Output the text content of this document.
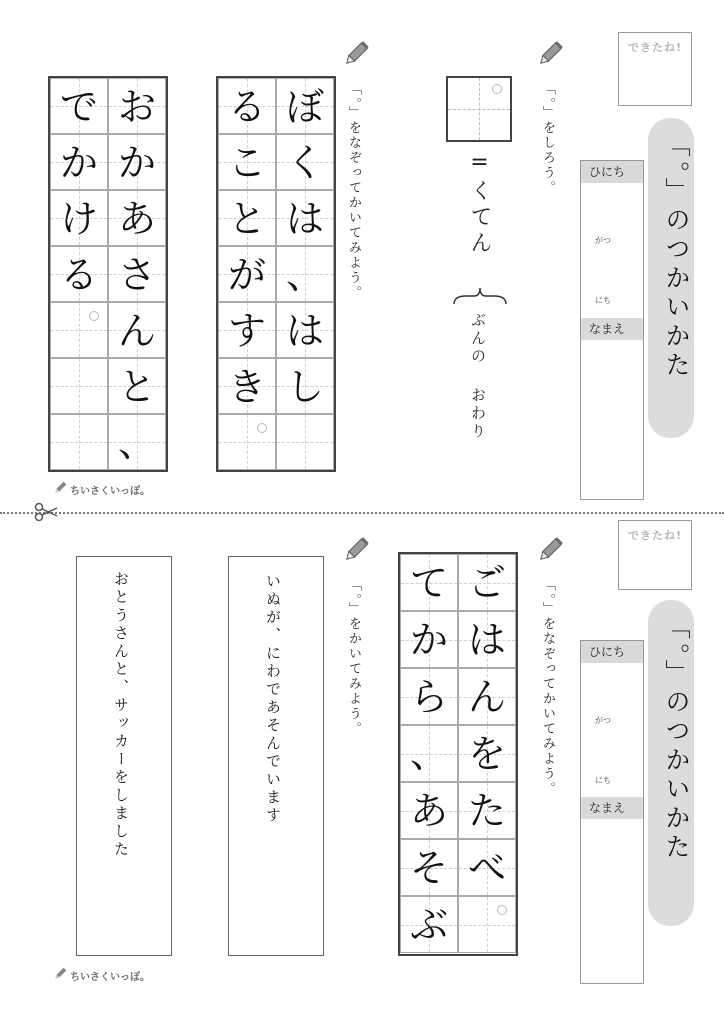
できたね!
「。」のつかいかた
ひにち
がつ
にち
なまえ
「。」をしろう。
=くてん
ぶんの おわり
「。」をなぞってかいてみよう。
る
こ
と
が
す
き
ぼ
く
は
、
は
し
で
か
け
る
お
か
あ
さ
ん
と
、
ちいさくいっぽ。
できたね!
「。」のつかいかた
ひにち
がつ
にち
なまえ
「。」をなぞってかいてみよう。
て
か
ら
、
あ
そ
ぶ
ご
は
ん
を
た
べ
「。」をかいてみよう。
いぬが、にわであそんでいます
おとうさんと、サッカーをしました
ちいさくいっぽ。
